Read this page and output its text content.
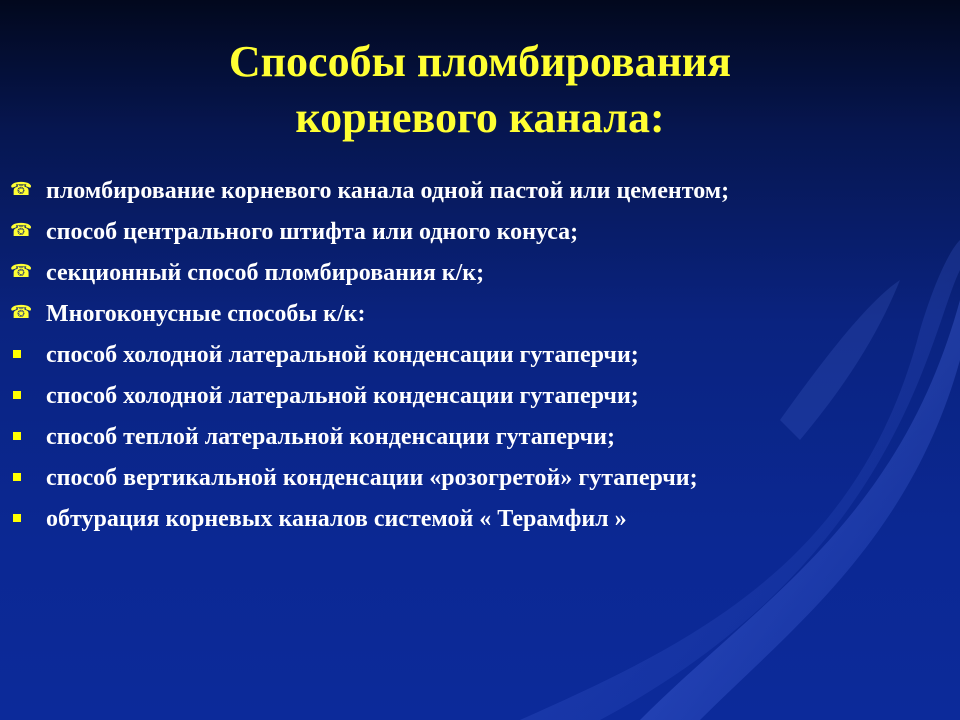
Способы пломбирования
корневого канала:
☎ пломбирование корневого канала одной пастой или цементом;
☎ способ центрального штифта или одного конуса;
☎ секционный способ пломбирования к/к;
☎ Многоконусные способы к/к:
способ холодной латеральной конденсации гутаперчи;
способ холодной латеральной конденсации гутаперчи;
способ теплой латеральной конденсации гутаперчи;
способ вертикальной конденсации «розогретой» гутаперчи;
обтурация корневых каналов системой « Терамфил »
